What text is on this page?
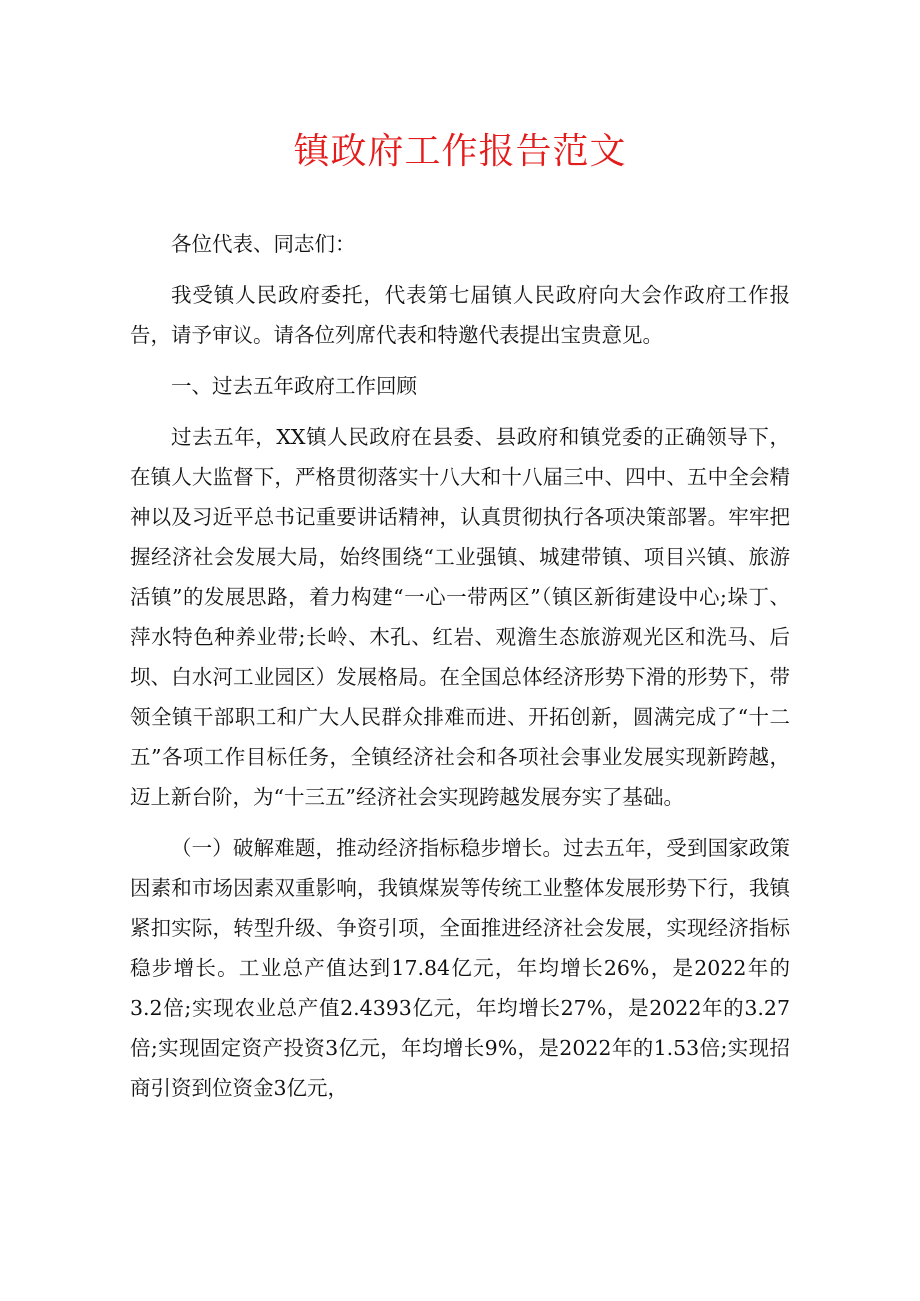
镇政府工作报告范文

各位代表、同志们：

我受镇人民政府委托，代表第七届镇人民政府向大会作政府工作报告，请予审议。请各位列席代表和特邀代表提出宝贵意见。

一、过去五年政府工作回顾

过去五年，XX镇人民政府在县委、县政府和镇党委的正确领导下，在镇人大监督下，严格贯彻落实十八大和十八届三中、四中、五中全会精神以及习近平总书记重要讲话精神，认真贯彻执行各项决策部署。牢牢把握经济社会发展大局，始终围绕“工业强镇、城建带镇、项目兴镇、旅游活镇”的发展思路，着力构建“一心一带两区”（镇区新街建设中心;垛丁、萍水特色种养业带;长岭、木孔、红岩、观澹生态旅游观光区和洗马、后坝、白水河工业园区）发展格局。在全国总体经济形势下滑的形势下，带领全镇干部职工和广大人民群众排难而进、开拓创新，圆满完成了“十二五”各项工作目标任务，全镇经济社会和各项社会事业发展实现新跨越，迈上新台阶，为“十三五”经济社会实现跨越发展夯实了基础。

（一）破解难题，推动经济指标稳步增长。过去五年，受到国家政策因素和市场因素双重影响，我镇煤炭等传统工业整体发展形势下行，我镇紧扣实际，转型升级、争资引项，全面推进经济社会发展，实现经济指标稳步增长。工业总产值达到17.84亿元，年均增长26%，是2022年的3.2倍;实现农业总产值2.4393亿元，年均增长27%，是2022年的3.27倍;实现固定资产投资3亿元，年均增长9%，是2022年的1.53倍;实现招商引资到位资金3亿元，
